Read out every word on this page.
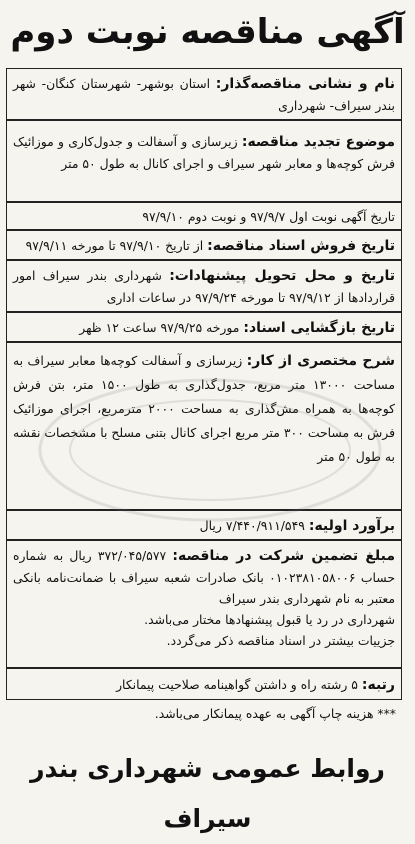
آگهی مناقصه نوبت دوم
نام و نشانی مناقصه‌گذار: استان بوشهر- شهرستان کنگان- شهر بندر سیراف- شهرداری
موضوع تجدید مناقصه: زیرسازی و آسفالت و جدول‌کاری و موزائیک فرش کوچه‌ها و معابر شهر سیراف و اجرای کانال به طول ۵۰ متر
تاریخ آگهی نوبت اول ۹۷/۹/۷ و نوبت دوم ۹۷/۹/۱۰
تاریخ فروش اسناد مناقصه: از تاریخ ۹۷/۹/۱۰ تا مورخه ۹۷/۹/۱۱
تاریخ و محل تحویل پیشنهادات: شهرداری بندر سیراف امور قراردادها از ۹۷/۹/۱۲ تا مورخه ۹۷/۹/۲۴ در ساعات اداری
تاریخ بازگشایی اسناد: مورخه ۹۷/۹/۲۵ ساعت ۱۲ ظهر
شرح مختصری از کار: زیرسازی و آسفالت کوچه‌ها معابر سیراف به مساحت ۱۳۰۰۰ متر مربع، جدول‌گذاری به طول ۱۵۰۰ متر، بتن فرش کوچه‌ها به همراه مش‌گذاری به مساحت ۲۰۰۰ مترمربع، اجرای موزائیک فرش به مساحت ۳۰۰ متر مربع اجرای کانال بتنی مسلح با مشخصات نقشه به طول ۵۰ متر
برآورد اولیه: ۷/۴۴۰/۹۱۱/۵۴۹ ریال
مبلغ تضمین شرکت در مناقصه: ۳۷۲/۰۴۵/۵۷۷ ریال به شماره حساب ۰۱۰۲۳۸۱۰۵۸۰۰۶ بانک صادرات شعبه سیراف با ضمانت‌نامه بانکی معتبر به نام شهرداری بندر سیراف
شهرداری در رد یا قبول پیشنهادها مختار می‌باشد.
جزییات بیشتر در اسناد مناقصه ذکر می‌گردد.
رتبه: ۵ رشته راه و داشتن گواهینامه صلاحیت پیمانکار
*** هزینه چاپ آگهی به عهده پیمانکار می‌باشد.
روابط عمومی شهرداری بندر سیراف
